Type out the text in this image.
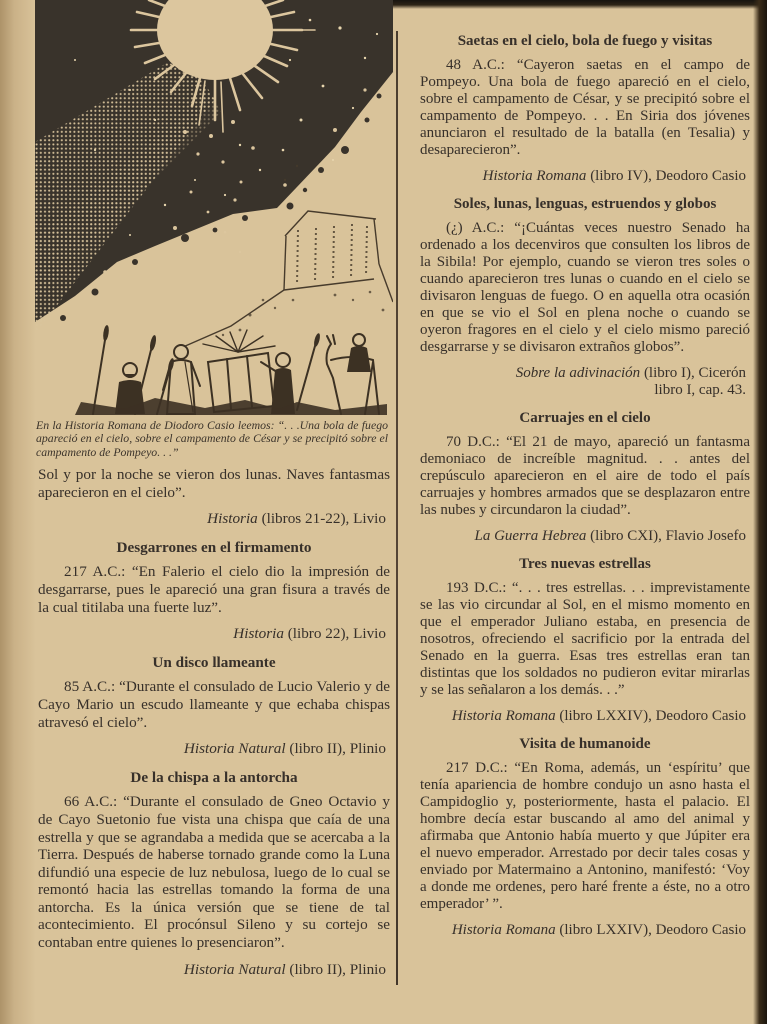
En la Historia Romana de Diodoro Casio leemos: “. . .Una bola de fuego apareció en el cielo, sobre el campamento de César y se precipitó sobre el campamento de Pompeyo. . .”
Sol y por la noche se vieron dos lunas. Naves fantasmas aparecieron en el cielo”.
Historia (libros 21-22), Livio
Desgarrones en el firmamento
217 A.C.: “En Falerio el cielo dio la impresión de desgarrarse, pues le apareció una gran fisura a través de la cual titilaba una fuerte luz”.
Historia (libro 22), Livio
Un disco llameante
85 A.C.: “Durante el consulado de Lucio Valerio y de Cayo Mario un escudo llameante y que echaba chispas atravesó el cielo”.
Historia Natural (libro II), Plinio
De la chispa a la antorcha
66 A.C.: “Durante el consulado de Gneo Octavio y de Cayo Suetonio fue vista una chispa que caía de una estrella y que se agrandaba a medida que se acercaba a la Tierra. Después de haberse tornado grande como la Luna difundió una especie de luz nebulosa, luego de lo cual se remontó hacia las estrellas tomando la forma de una antorcha. Es la única versión que se tiene de tal acontecimiento. El procónsul Sileno y su cortejo se contaban entre quienes lo presenciaron”.
Historia Natural (libro II), Plinio
Saetas en el cielo, bola de fuego y visitas
48 A.C.: “Cayeron saetas en el campo de Pompeyo. Una bola de fuego apareció en el cielo, sobre el campamento de César, y se precipitó sobre el campamento de Pompeyo. . . En Siria dos jóvenes anunciaron el resultado de la batalla (en Tesalia) y desaparecieron”.
Historia Romana (libro IV), Deodoro Casio
Soles, lunas, lenguas, estruendos y globos
(¿) A.C.: “¡Cuántas veces nuestro Senado ha ordenado a los decenviros que consulten los libros de la Sibila! Por ejemplo, cuando se vieron tres soles o cuando aparecieron tres lunas o cuando en el cielo se divisaron lenguas de fuego. O en aquella otra ocasión en que se vio el Sol en plena noche o cuando se oyeron fragores en el cielo y el cielo mismo pareció desgarrarse y se divisaron extraños globos”.
Sobre la adivinación (libro I), Cicerón
libro I, cap. 43.
Carruajes en el cielo
70 D.C.: “El 21 de mayo, apareció un fantasma demoniaco de increíble magnitud. . . antes del crepúsculo aparecieron en el aire de todo el país carruajes y hombres armados que se desplazaron entre las nubes y circundaron la ciudad”.
La Guerra Hebrea (libro CXI), Flavio Josefo
Tres nuevas estrellas
193 D.C.: “. . . tres estrellas. . . imprevistamente se las vio circundar al Sol, en el mismo momento en que el emperador Juliano estaba, en presencia de nosotros, ofreciendo el sacrificio por la entrada del Senado en la guerra. Esas tres estrellas eran tan distintas que los soldados no pudieron evitar mirarlas y se las señalaron a los demás. . .”
Historia Romana (libro LXXIV), Deodoro Casio
Visita de humanoide
217 D.C.: “En Roma, además, un ‘espíritu’ que tenía apariencia de hombre condujo un asno hasta el Campidoglio y, posteriormente, hasta el palacio. El hombre decía estar buscando al amo del animal y afirmaba que Antonio había muerto y que Júpiter era el nuevo emperador. Arrestado por decir tales cosas y enviado por Matermaino a Antonino, manifestó: ‘Voy a donde me ordenes, pero haré frente a éste, no a otro emperador’ ”.
Historia Romana (libro LXXIV), Deodoro Casio
